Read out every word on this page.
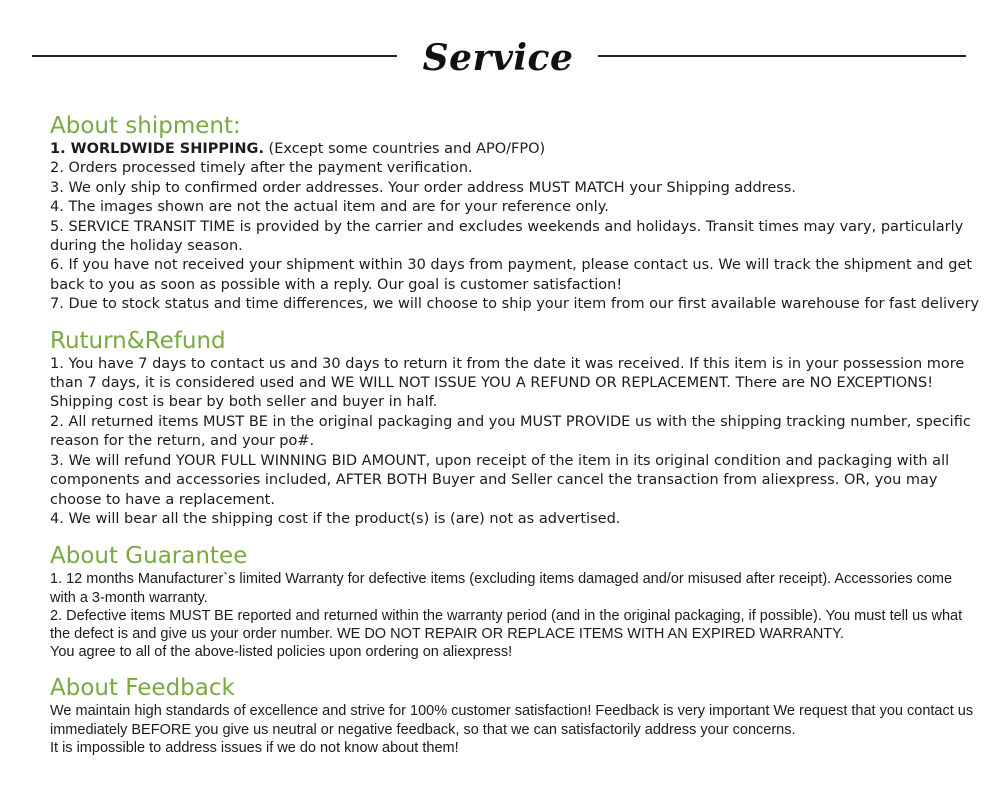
Service
About shipment:
1. WORLDWIDE SHIPPING. (Except some countries and APO/FPO)
2. Orders processed timely after the payment verification.
3. We only ship to confirmed order addresses. Your order address MUST MATCH your Shipping address.
4. The images shown are not the actual item and are for your reference only.
5. SERVICE TRANSIT TIME is provided by the carrier and excludes weekends and holidays. Transit times may vary, particularly during the holiday season.
6. If you have not received your shipment within 30 days from payment, please contact us. We will track the shipment and get back to you as soon as possible with a reply. Our goal is customer satisfaction!
7. Due to stock status and time differences, we will choose to ship your item from our first available warehouse for fast delivery
Ruturn&Refund
1. You have 7 days to contact us and 30 days to return it from the date it was received. If this item is in your possession more than 7 days, it is considered used and WE WILL NOT ISSUE YOU A REFUND OR REPLACEMENT. There are NO EXCEPTIONS! Shipping cost is bear by both seller and buyer in half.
2. All returned items MUST BE in the original packaging and you MUST PROVIDE us with the shipping tracking number, specific reason for the return, and your po#.
3. We will refund YOUR FULL WINNING BID AMOUNT, upon receipt of the item in its original condition and packaging with all components and accessories included, AFTER BOTH Buyer and Seller cancel the transaction from aliexpress. OR, you may choose to have a replacement.
4. We will bear all the shipping cost if the product(s) is (are) not as advertised.
About Guarantee
1. 12 months Manufacturer`s limited Warranty for defective items (excluding items damaged and/or misused after receipt). Accessories come with a 3-month warranty.
2. Defective items MUST BE reported and returned within the warranty period (and in the original packaging, if possible). You must tell us what the defect is and give us your order number. WE DO NOT REPAIR OR REPLACE ITEMS WITH AN EXPIRED WARRANTY.
You agree to all of the above-listed policies upon ordering on aliexpress!
About Feedback
We maintain high standards of excellence and strive for 100% customer satisfaction! Feedback is very important We request that you contact us immediately BEFORE you give us neutral or negative feedback, so that we can satisfactorily address your concerns.
It is impossible to address issues if we do not know about them!
